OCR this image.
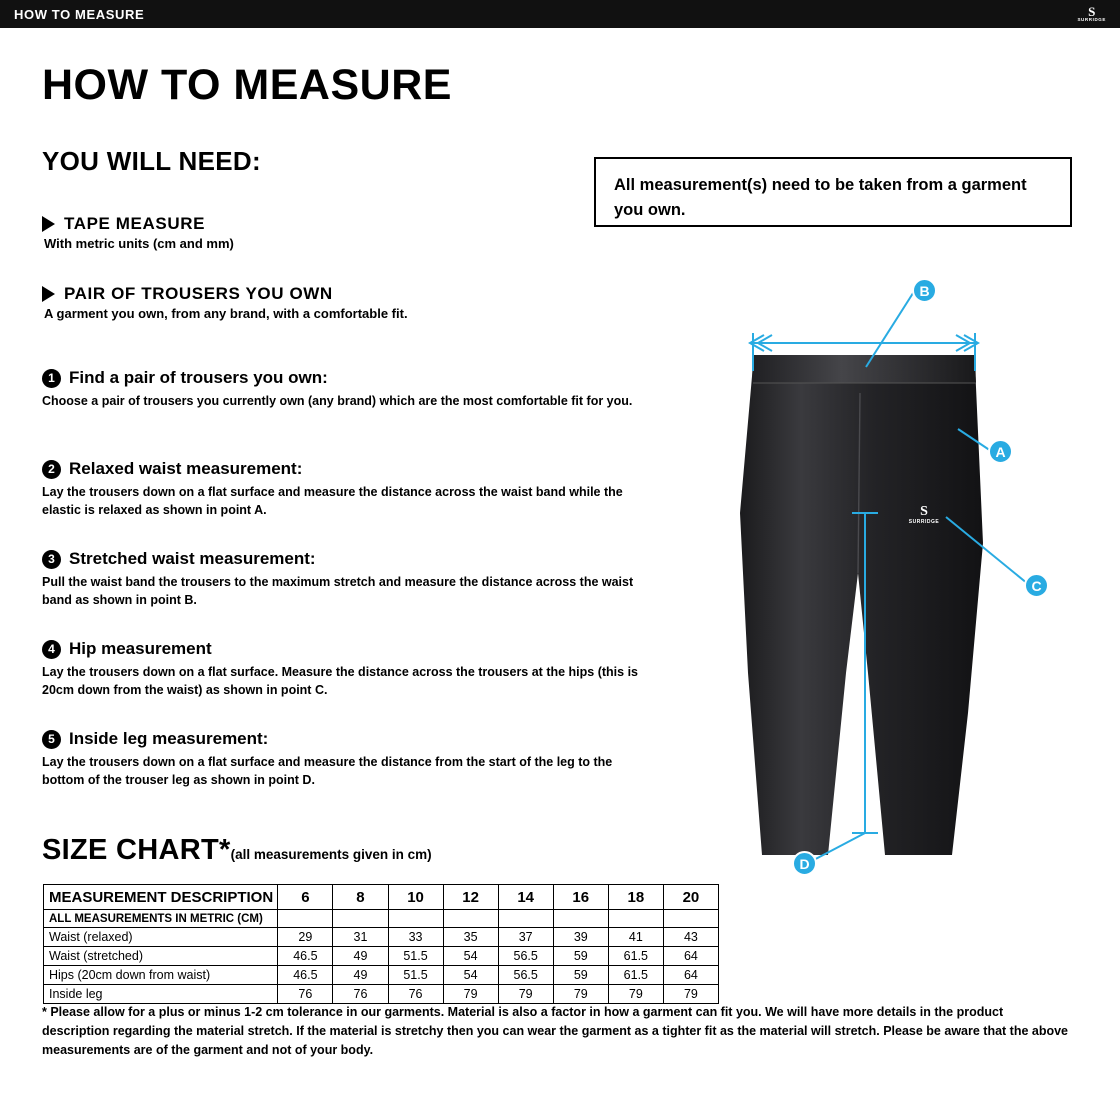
HOW TO MEASURE	S
SURRIDGE
HOW TO MEASURE
YOU WILL NEED:
TAPE MEASURE
With metric units (cm and mm)
PAIR OF TROUSERS YOU OWN
A garment you own, from any brand, with a comfortable fit.
All measurement(s) need to be taken from a garment you own.
1 Find a pair of trousers you own:
Choose a pair of trousers you currently own (any brand) which are the most comfortable fit for you.
2 Relaxed waist measurement:
Lay the trousers down on a flat surface and measure the distance across the waist band while the elastic is relaxed as shown in point A.
3 Stretched waist measurement:
Pull the waist band the trousers to the maximum stretch and measure the distance across the waist band as shown in point B.
4 Hip measurement
Lay the trousers down on a flat surface. Measure the distance across the trousers at the hips (this is 20cm down from the waist) as shown in point C.
5 Inside leg measurement:
Lay the trousers down on a flat surface and measure the distance from the start of the leg to the bottom of the trouser leg as shown in point D.
S
SURRIDGE
B
A
C
D
SIZE CHART*(all measurements given in cm)
MEASUREMENT DESCRIPTION	6	8	10	12	14	16	18	20
ALL MEASUREMENTS IN METRIC (CM)								
Waist (relaxed)	29	31	33	35	37	39	41	43
Waist (stretched)	46.5	49	51.5	54	56.5	59	61.5	64
Hips (20cm down from waist)	46.5	49	51.5	54	56.5	59	61.5	64
Inside leg	76	76	76	79	79	79	79	79
* Please allow for a plus or minus 1-2 cm tolerance in our garments. Material is also a factor in how a garment can fit you. We will have more details in the product description regarding the material stretch. If the material is stretchy then you can wear the garment as a tighter fit as the material will stretch. Please be aware that the above measurements are of the garment and not of your body.
